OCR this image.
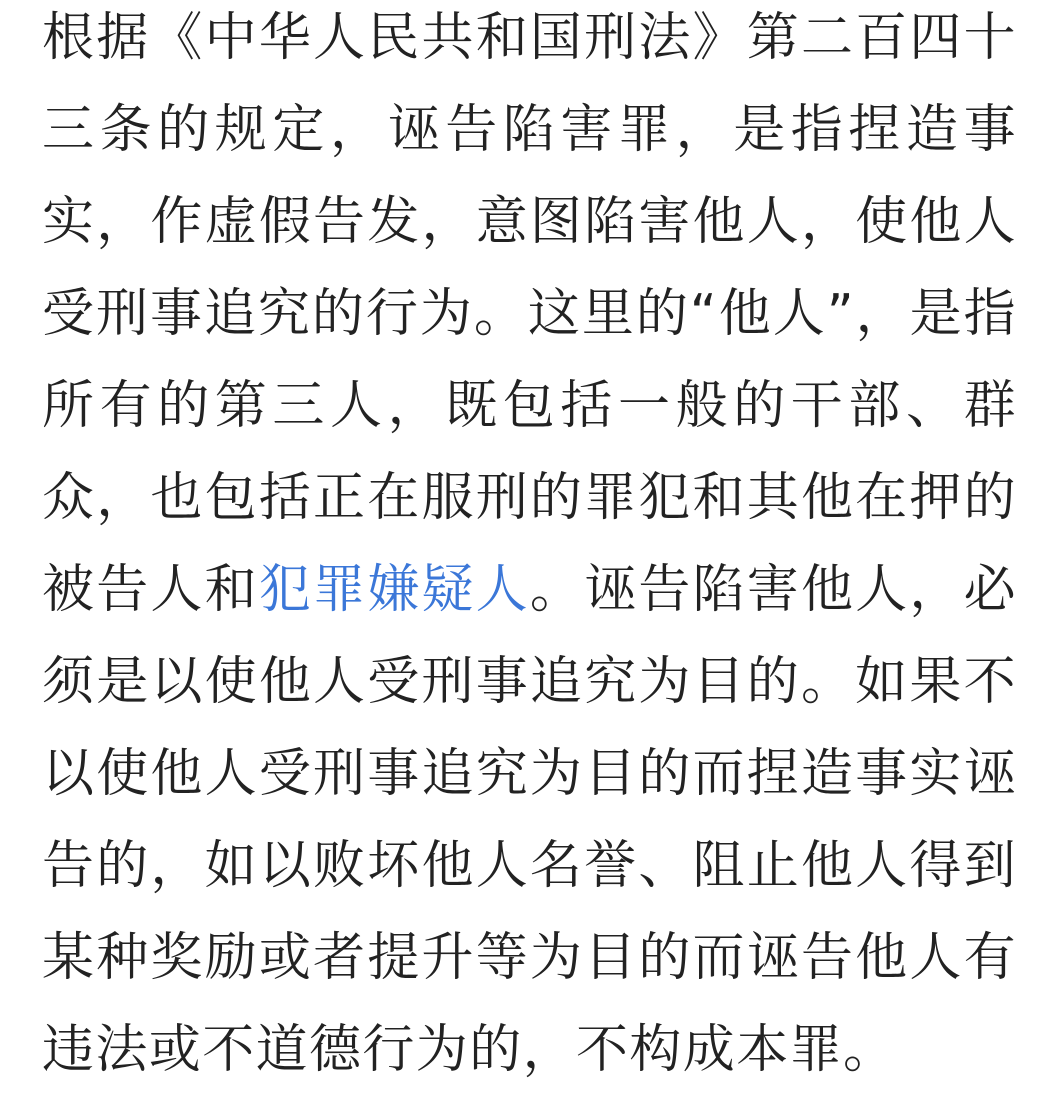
根据《中华人民共和国刑法》第二百四十三条的规定，诬告陷害罪，是指捏造事实，作虚假告发，意图陷害他人，使他人受刑事追究的行为。这里的“他人”，是指所有的第三人，既包括一般的干部、群众，也包括正在服刑的罪犯和其他在押的被告人和犯罪嫌疑人。诬告陷害他人，必须是以使他人受刑事追究为目的。如果不以使他人受刑事追究为目的而捏造事实诬告的，如以败坏他人名誉、阻止他人得到某种奖励或者提升等为目的而诬告他人有违法或不道德行为的，不构成本罪。
